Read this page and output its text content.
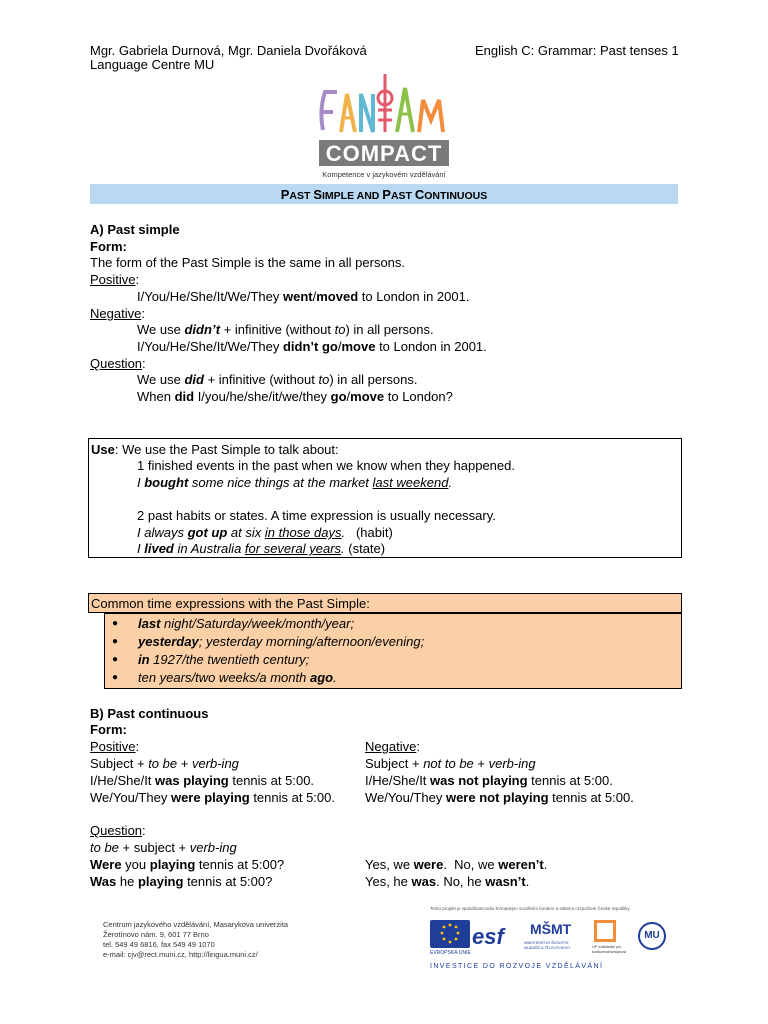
Mgr. Gabriela Durnová, Mgr. Daniela Dvořáková
Language Centre MU
English C: Grammar: Past tenses 1
COMPACT
Kompetence v jazykovém vzdělávání
PAST SIMPLE AND PAST CONTINUOUS
A) Past simple
Form:
The form of the Past Simple is the same in all persons.
Positive:
I/You/He/She/It/We/They went/moved to London in 2001.
Negative:
We use didn’t + infinitive (without to) in all persons.
I/You/He/She/It/We/They didn’t go/move to London in 2001.
Question:
We use did + infinitive (without to) in all persons.
When did I/you/he/she/it/we/they go/move to London?
Use: We use the Past Simple to talk about:
1 finished events in the past when we know when they happened.
I bought some nice things at the market last weekend.
2 past habits or states. A time expression is usually necessary.
I always got up at six in those days.   (habit)
I lived in Australia for several years. (state)
Common time expressions with the Past Simple:
● last night/Saturday/week/month/year;
● yesterday; yesterday morning/afternoon/evening;
● in 1927/the twentieth century;
● ten years/two weeks/a month ago.
B) Past continuous
Form:
Positive:
Subject + to be + verb-ing
I/He/She/It was playing tennis at 5:00.
We/You/They were playing tennis at 5:00.
Negative:
Subject + not to be + verb-ing
I/He/She/It was not playing tennis at 5:00.
We/You/They were not playing tennis at 5:00.
Question:
to be + subject + verb-ing
Were you playing tennis at 5:00?
Was he playing tennis at 5:00?
Yes, we were.  No, we weren’t.
Yes, he was. No, he wasn’t.
Centrum jazykového vzdělávání, Masarykova univerzita
Žerotínovo nám. 9, 601 77 Brno
tel. 549 49 6816, fax 549 49 1070
e-mail: cjv@rect.muni.cz, http://lingua.muni.cz/
Tento projekt je spolufinancován Evropským sociálním fondem a státním rozpočtem České republiky.
EVROPSKÁ UNIE
esf	MŠMT
MINISTERSTVO ŠKOLSTVÍ, MLÁDEŽE A TĚLOVÝCHOVY	OP Vzdělávání pro konkurenceschopnost
MU
INVESTICE DO ROZVOJE VZDĚLÁVÁNÍ
